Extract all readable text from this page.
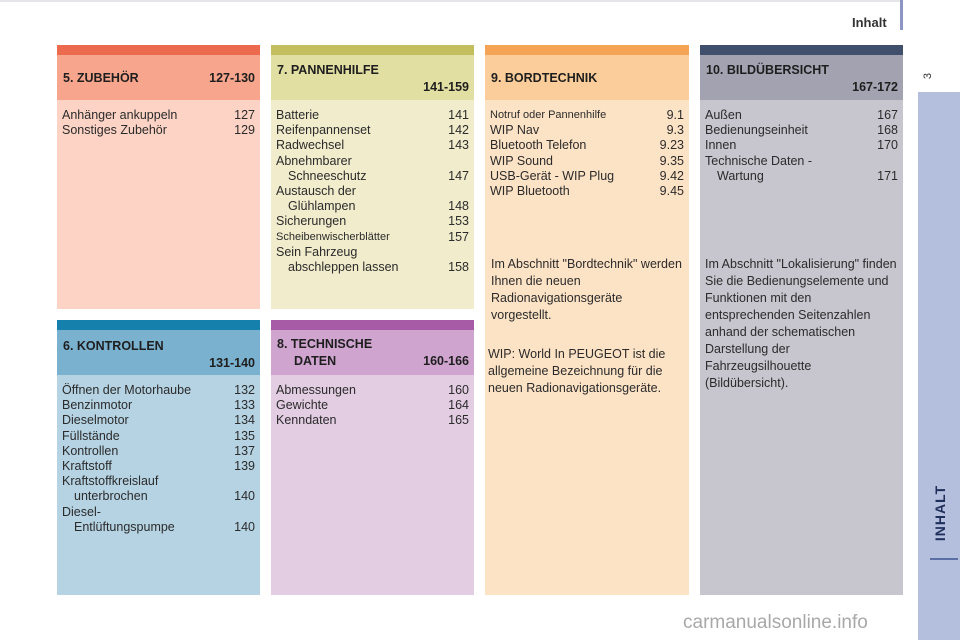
Inhalt
3
INHALT
5. ZUBEHÖR	127-130
Anhänger ankuppeln	127
Sonstiges Zubehör	129
7. PANNENHILFE
141-159
Batterie	141
Reifenpannenset	142
Radwechsel	143
Abnehmbarer
Schneeschutz	147
Austausch der
Glühlampen	148
Sicherungen	153
Scheibenwischerblätter	157
Sein Fahrzeug
abschleppen lassen	158
9. BORDTECHNIK
Notruf oder Pannenhilfe	9.1
WIP Nav	9.3
Bluetooth Telefon	9.23
WIP Sound	9.35
USB-Gerät - WIP Plug	9.42
WIP Bluetooth	9.45

Im Abschnitt "Bordtechnik" werden Ihnen die neuen Radionavigationsgeräte vorgestellt.

WIP: World In PEUGEOT ist die allgemeine Bezeichnung für die neuen Radionavigationsgeräte.

10. BILDÜBERSICHT
167-172
Außen	167
Bedienungseinheit	168
Innen	170
Technische Daten -
Wartung	171

Im Abschnitt "Lokalisierung" finden Sie die Bedienungselemente und Funktionen mit den entsprechenden Seitenzahlen anhand der schematischen Darstellung der Fahrzeugsilhouette (Bildübersicht).

6. KONTROLLEN
131-140
Öffnen der Motorhaube	132
Benzinmotor	133
Dieselmotor	134
Füllstände	135
Kontrollen	137
Kraftstoff	139
Kraftstoffkreislauf
unterbrochen	140
Diesel-
Entlüftungspumpe	140
8. TECHNISCHE
DATEN	160-166
Abmessungen	160
Gewichte	164
Kenndaten	165
carmanualsonline.info
